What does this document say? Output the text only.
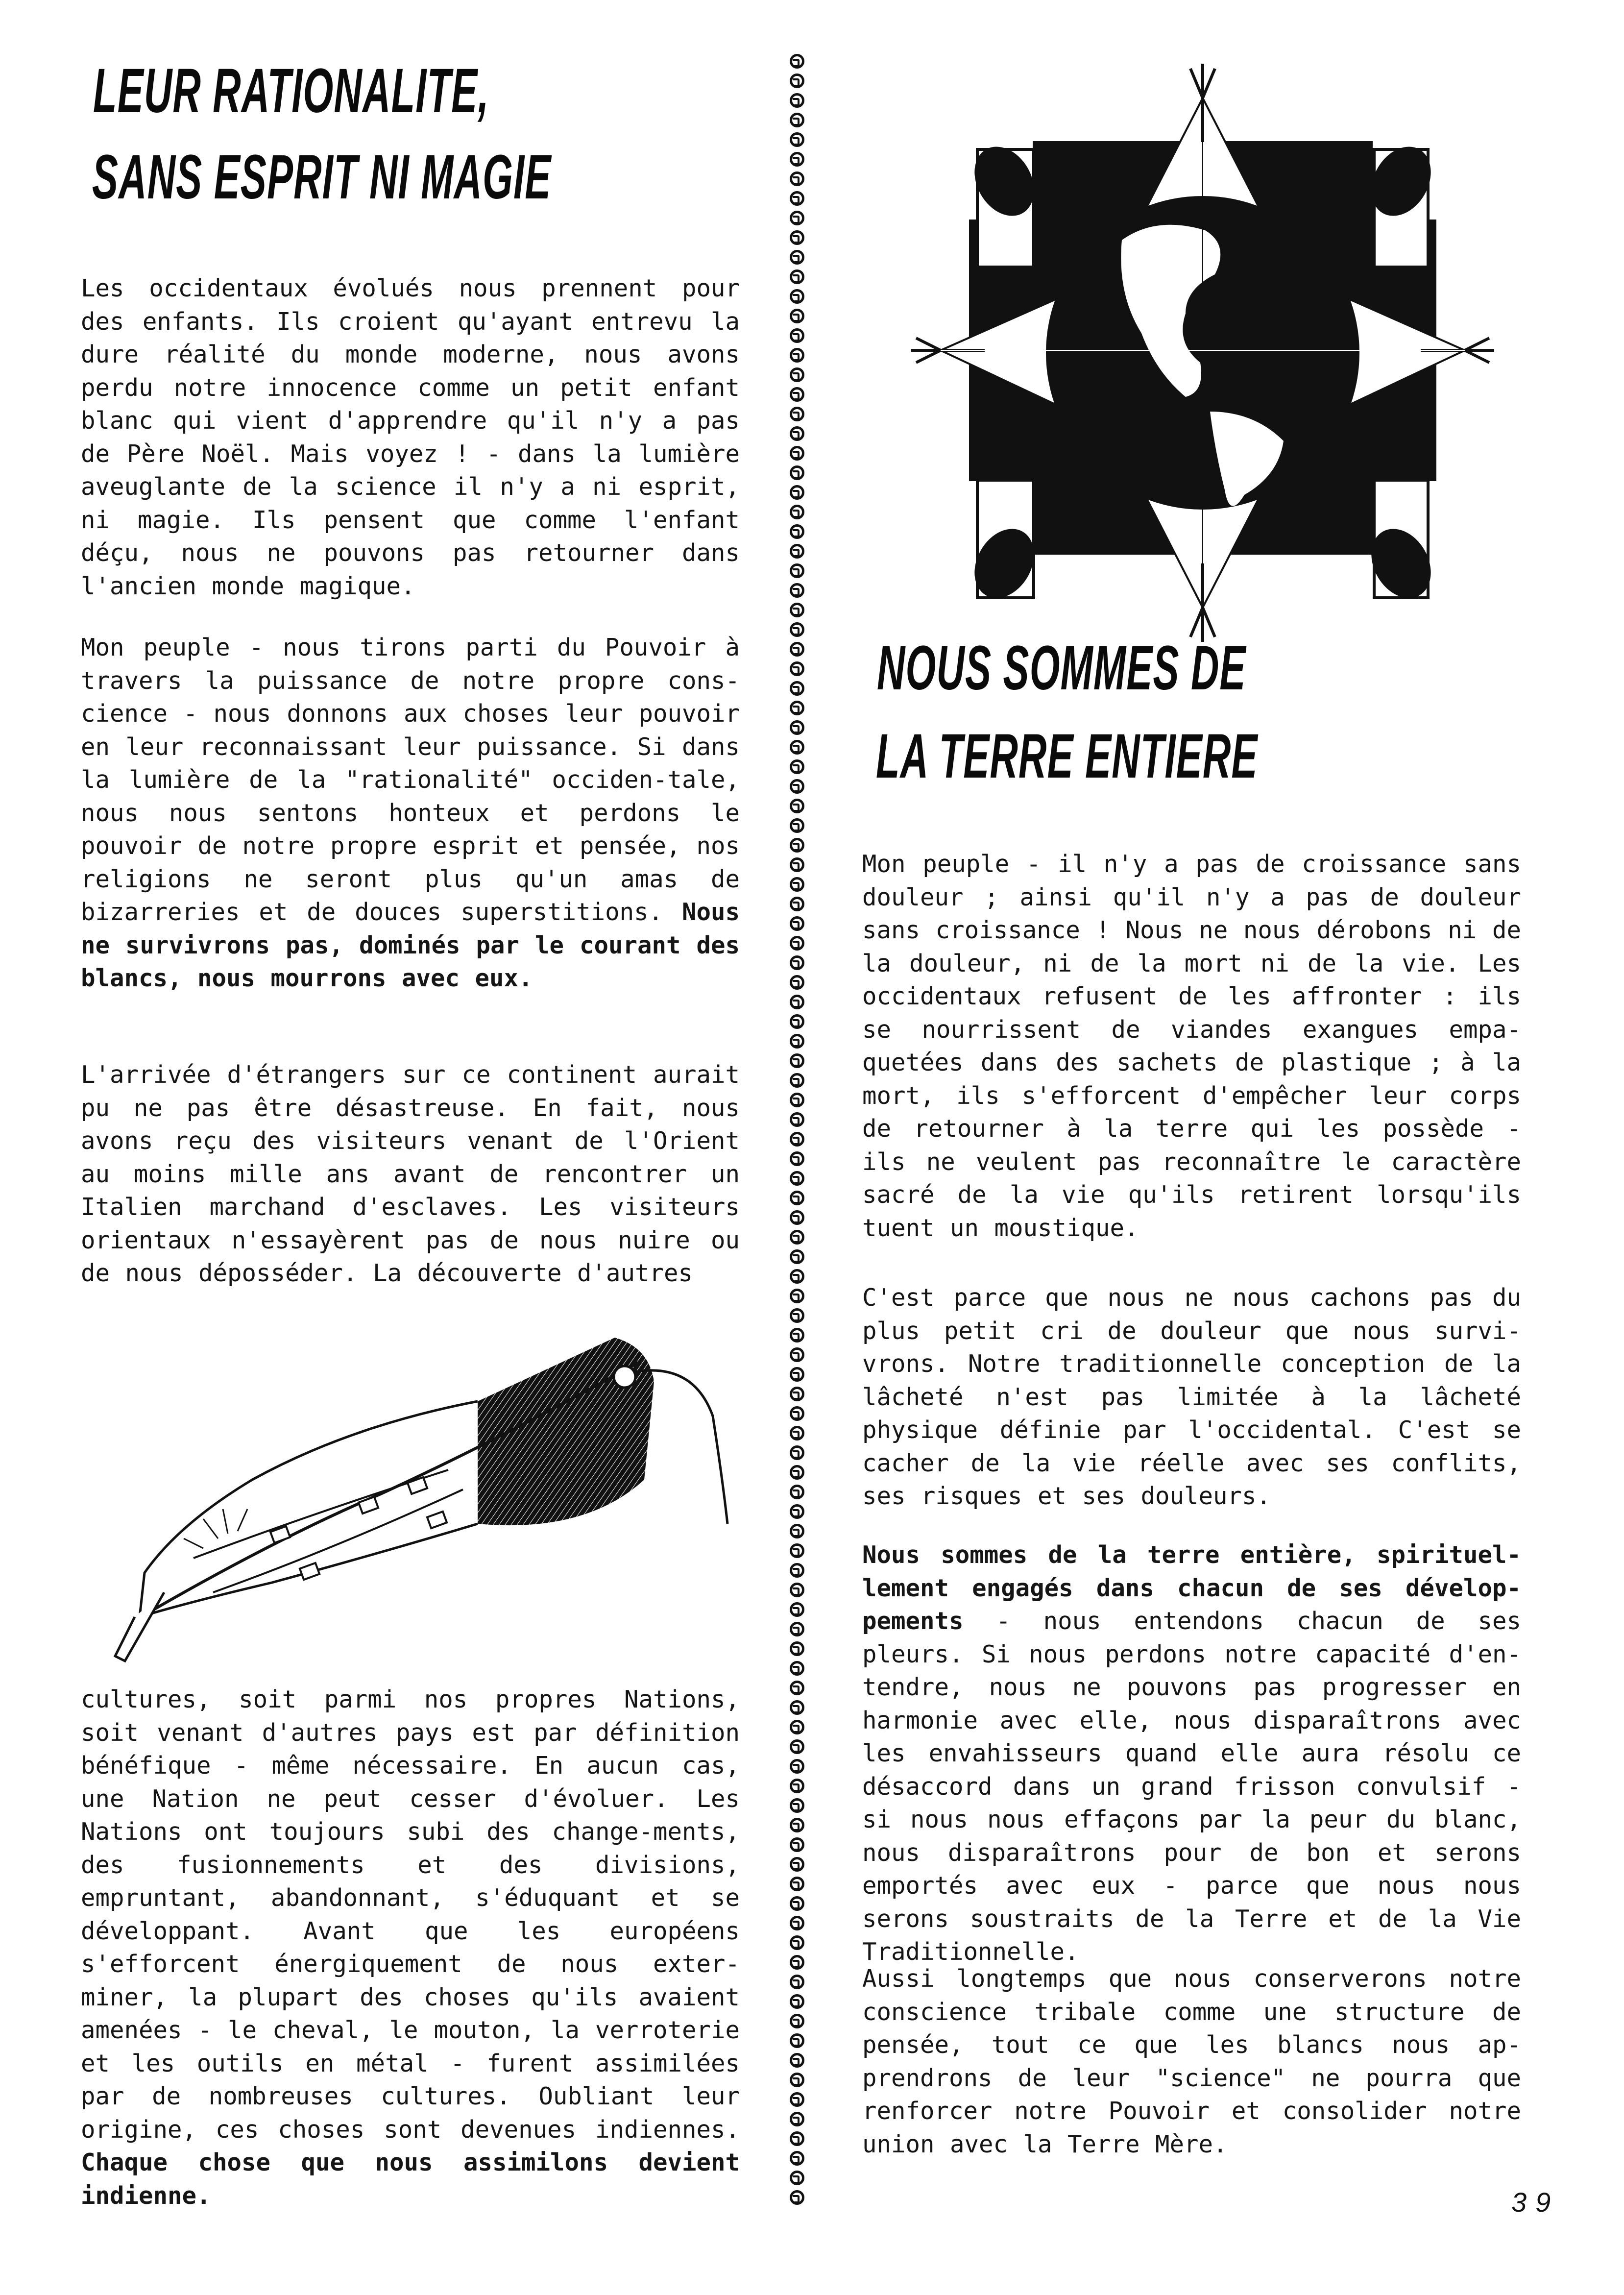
LEUR RATIONALITE,
SANS ESPRIT NI MAGIE

Les occidentaux évolués nous prennent pour des enfants. Ils croient qu'ayant entrevu la dure réalité du monde moderne, nous avons perdu notre innocence comme un petit enfant blanc qui vient d'apprendre qu'il n'y a pas de Père Noël. Mais voyez ! - dans la lumière aveuglante de la science il n'y a ni esprit, ni magie. Ils pensent que comme l'enfant déçu, nous ne pouvons pas retourner dans l'ancien monde magique.

Mon peuple - nous tirons parti du Pouvoir à travers la puissance de notre propre cons-cience - nous donnons aux choses leur pouvoir en leur reconnaissant leur puissance. Si dans la lumière de la "rationalité" occiden-tale, nous nous sentons honteux et perdons le pouvoir de notre propre esprit et pensée, nos religions ne seront plus qu'un amas de bizarreries et de douces superstitions. Nous ne survivrons pas, dominés par le courant des blancs, nous mourrons avec eux.

L'arrivée d'étrangers sur ce continent aurait pu ne pas être désastreuse. En fait, nous avons reçu des visiteurs venant de l'Orient au moins mille ans avant de rencontrer un Italien marchand d'esclaves. Les visiteurs orientaux n'essayèrent pas de nous nuire ou de nous déposséder. La découverte d'autres

cultures, soit parmi nos propres Nations, soit venant d'autres pays est par définition bénéfique - même nécessaire. En aucun cas, une Nation ne peut cesser d'évoluer. Les Nations ont toujours subi des change-ments, des fusionnements et des divisions, empruntant, abandonnant, s'éduquant et se développant. Avant que les européens s'efforcent énergiquement de nous exter-miner, la plupart des choses qu'ils avaient amenées - le cheval, le mouton, la verroterie et les outils en métal - furent assimilées par de nombreuses cultures. Oubliant leur origine, ces choses sont devenues indiennes. Chaque chose que nous assimilons devient indienne.

NOUS SOMMES DE
LA TERRE ENTIERE

Mon peuple - il n'y a pas de croissance sans douleur ; ainsi qu'il n'y a pas de douleur sans croissance ! Nous ne nous dérobons ni de la douleur, ni de la mort ni de la vie. Les occidentaux refusent de les affronter : ils se nourrissent de viandes exangues empa-quetées dans des sachets de plastique ; à la mort, ils s'efforcent d'empêcher leur corps de retourner à la terre qui les possède - ils ne veulent pas reconnaître le caractère sacré de la vie qu'ils retirent lorsqu'ils tuent un moustique.

C'est parce que nous ne nous cachons pas du plus petit cri de douleur que nous survi-vrons. Notre traditionnelle conception de la lâcheté n'est pas limitée à la lâcheté physique définie par l'occidental. C'est se cacher de la vie réelle avec ses conflits, ses risques et ses douleurs.

Nous sommes de la terre entière, spirituel-lement engagés dans chacun de ses dévelop-pements - nous entendons chacun de ses pleurs. Si nous perdons notre capacité d'en-tendre, nous ne pouvons pas progresser en harmonie avec elle, nous disparaîtrons avec les envahisseurs quand elle aura résolu ce désaccord dans un grand frisson convulsif - si nous nous effaçons par la peur du blanc, nous disparaîtrons pour de bon et serons emportés avec eux - parce que nous nous serons soustraits de la Terre et de la Vie Traditionnelle.

Aussi longtemps que nous conserverons notre conscience tribale comme une structure de pensée, tout ce que les blancs nous ap-prendrons de leur "science" ne pourra que renforcer notre Pouvoir et consolider notre union avec la Terre Mère.

39
